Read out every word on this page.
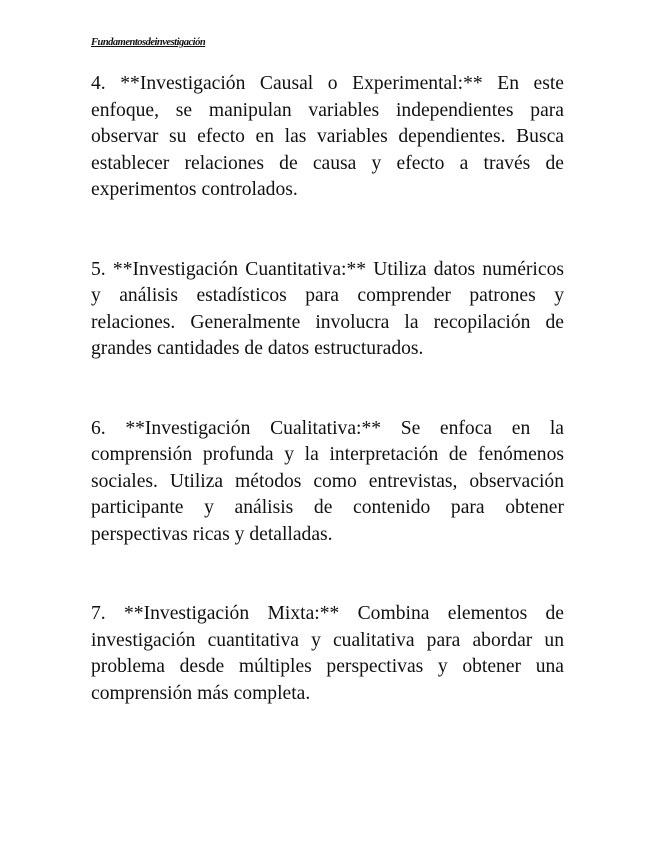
Fundamentosdeinvestigación

4. **Investigación Causal o Experimental:** En este enfoque, se manipulan variables independientes para observar su efecto en las variables dependientes. Busca establecer relaciones de causa y efecto a través de experimentos controlados.

5. **Investigación Cuantitativa:** Utiliza datos numéricos y análisis estadísticos para comprender patrones y relaciones. Generalmente involucra la recopilación de grandes cantidades de datos estructurados.

6. **Investigación Cualitativa:** Se enfoca en la comprensión profunda y la interpretación de fenómenos sociales. Utiliza métodos como entrevistas, observación participante y análisis de contenido para obtener perspectivas ricas y detalladas.

7. **Investigación Mixta:** Combina elementos de investigación cuantitativa y cualitativa para abordar un problema desde múltiples perspectivas y obtener una comprensión más completa.
